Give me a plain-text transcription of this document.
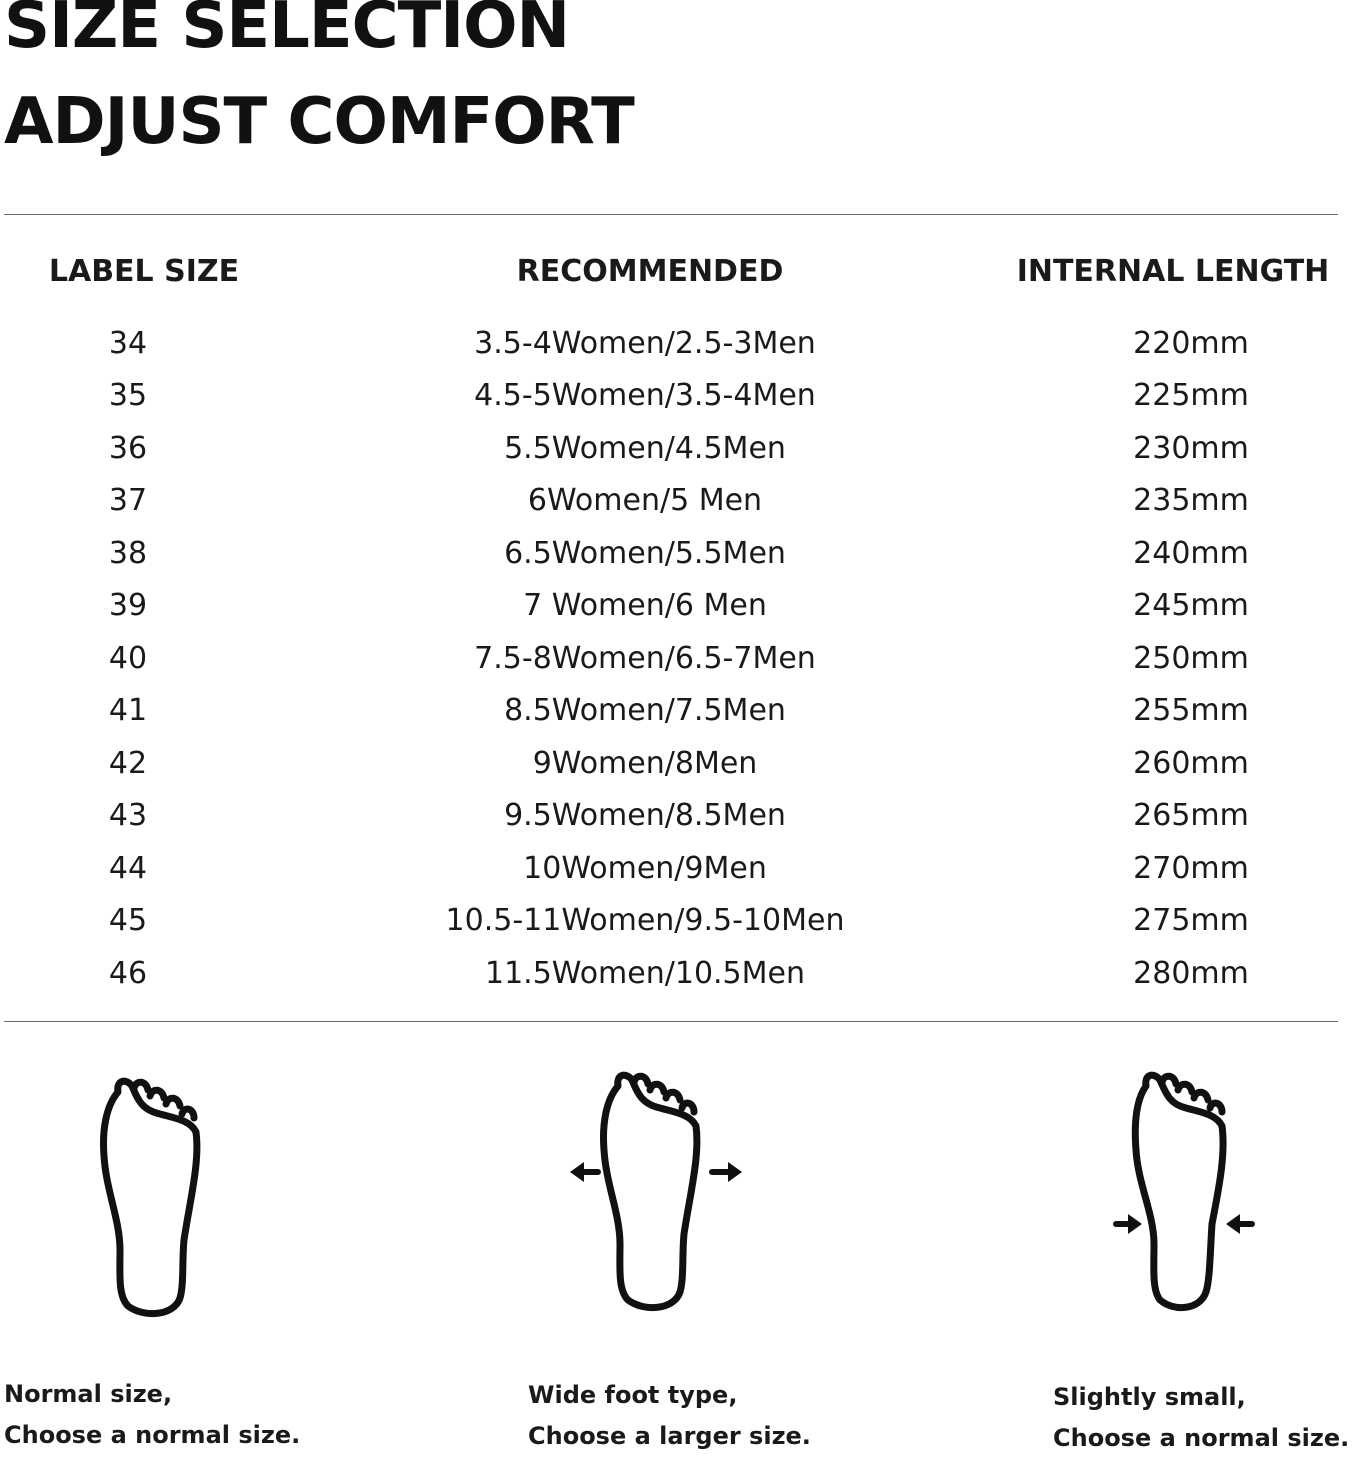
SIZE SELECTION
ADJUST COMFORT
LABEL SIZE	RECOMMENDED	INTERNAL LENGTH
34	3.5-4Women/2.5-3Men	220mm
35	4.5-5Women/3.5-4Men	225mm
36	5.5Women/4.5Men	230mm
37	6Women/5 Men	235mm
38	6.5Women/5.5Men	240mm
39	7 Women/6 Men	245mm
40	7.5-8Women/6.5-7Men	250mm
41	8.5Women/7.5Men	255mm
42	9Women/8Men	260mm
43	9.5Women/8.5Men	265mm
44	10Women/9Men	270mm
45	10.5-11Women/9.5-10Men	275mm
46	11.5Women/10.5Men	280mm
Normal size,
Choose a normal size.
Wide foot type,
Choose a larger size.
Slightly small,
Choose a normal size.
